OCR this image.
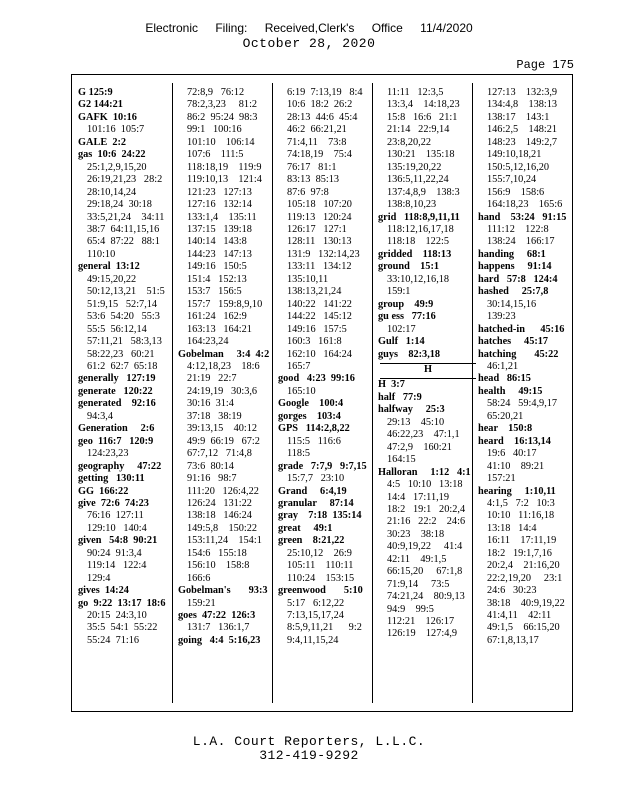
Electronic Filing: Received,Clerk's Office 11/4/2020
October 28, 2020
Page 175
G 125:9
G2 144:21
GAFK  10:16
101:16  105:7
GALE  2:2
gas  10:6  24:22
25:1,2,9,15,20
26:19,21,23   28:2
28:10,14,24
29:18,24  30:18
33:5,21,24    34:11
38:7  64:11,15,16
65:4  87:22   88:1
110:10
general  13:12
49:15,20,22
50:12,13,21    51:5
51:9,15   52:7,14
53:6  54:20   55:3
55:5  56:12,14
57:11,21   58:3,13
58:22,23   60:21
61:2  62:7  65:18
generally   127:19
generate   120:22
generated    92:16
94:3,4
Generation     2:6
geo  116:7   120:9
124:23,23
geography     47:22
getting   130:11
GG  166:22
give  72:6  74:23
76:16  127:11
129:10   140:4
given   54:8  90:21
90:24  91:3,4
119:14   122:4
129:4
gives  14:24
go  9:22  13:17  18:6
20:15  24:3,10
35:5  54:1  55:22
55:24  71:16
72:8,9   76:12
78:2,3,23     81:2
86:2  95:24  98:3
99:1   100:16
101:10    106:14
107:6    111:5
118:18,19    119:9
119:10,13    121:4
121:23   127:13
127:16   132:14
133:1,4    135:11
137:15   139:18
140:14   143:8
144:23   147:13
149:16   150:5
151:4   152:13
153:7   156:5
157:7   159:8,9,10
161:24   162:9
163:13   164:21
164:23,24
Gobelman     3:4  4:2
4:12,18,23    18:6
21:19   22:7
24:19,19   30:3,6
30:16  31:4
37:18   38:19
39:13,15    40:12
49:9  66:19   67:2
67:7,12   71:4,8
73:6  80:14
91:16   98:7
111:20   126:4,22
126:24   131:22
138:18   146:24
149:5,8    150:22
153:11,24    154:1
154:6   155:18
156:10    158:8
166:6
Gobelman's       93:3
159:21
goes  47:22  126:3
131:7   136:1,7
going   4:4  5:16,23
6:19  7:13,19   8:4
10:6  18:2  26:2
28:13  44:6  45:4
46:2  66:21,21
71:4,11    73:8
74:18,19    75:4
76:17   81:1
83:13  85:13
87:6  97:8
105:18   107:20
119:13   120:24
126:17   127:1
128:11   130:13
131:9   132:14,23
133:11   134:12
135:10,11
138:13,21,24
140:22   141:22
144:22   145:12
149:16   157:5
160:3   161:8
162:10   164:24
165:7
good   4:23  99:16
165:10
Google    100:4
gorges    103:4
GPS   114:2,8,22
115:5   116:6
118:5
grade   7:7,9   9:7,15
15:7,7   23:10
Grand     6:4,19
granular     87:14
gray    7:18  135:14
great     49:1
green    8:21,22
25:10,12    26:9
105:11    110:11
110:24    153:15
greenwood       5:10
5:17   6:12,22
7:13,15,17,24
8:5,9,11,21      9:2
9:4,11,15,24
11:11   12:3,5
13:3,4    14:18,23
15:8   16:6   21:1
21:14   22:9,14
23:8,20,22
130:21    135:18
135:19,20,22
136:5,11,22,24
137:4,8,9    138:3
138:8,10,23
grid   118:8,9,11,11
118:12,16,17,18
118:18    122:5
gridded    118:13
ground    15:1
33:10,12,16,18
159:1
group    49:9
gu ess   77:16
102:17
Gulf   1:14
guys    82:3,18
H
H  3:7
half   77:9
halfway     25:3
29:13    45:10
46:22,23    47:1,1
47:2,9    160:21
164:15
Halloran     1:12   4:1
4:5   10:10   13:18
14:4   17:11,19
18:2   19:1   20:2,4
21:16   22:2    24:6
30:23    38:18
40:9,19,22     41:4
42:11    49:1,5
66:15,20     67:1,8
71:9,14     73:5
74:21,24    80:9,13
94:9    99:5
112:21    126:17
126:19    127:4,9
127:13    132:3,9
134:4,8    138:13
138:17    143:1
146:2,5    148:21
148:23    149:2,7
149:10,18,21
150:5,12,16,20
155:7,10,24
156:9    158:6
164:18,23    165:6
hand    53:24   91:15
111:12    122:8
138:24    166:17
handing     68:1
happens     91:14
hard   57:8   124:4
hashed     25:7,8
30:14,15,16
139:23
hatched-in      45:16
hatches     45:17
hatching       45:22
46:1,21
head   86:15
health     49:15
58:24   59:4,9,17
65:20,21
hear    150:8
heard    16:13,14
19:6   40:17
41:10    89:21
157:21
hearing     1:10,11
4:1,5   7:2   10:3
10:10   11:16,18
13:18   14:4
16:11    17:11,19
18:2   19:1,7,16
20:2,4    21:16,20
22:2,19,20     23:1
24:6   30:23
38:18    40:9,19,22
41:4,11    42:11
49:1,5    66:15,20
67:1,8,13,17
L.A. Court Reporters, L.L.C.
312-419-9292
